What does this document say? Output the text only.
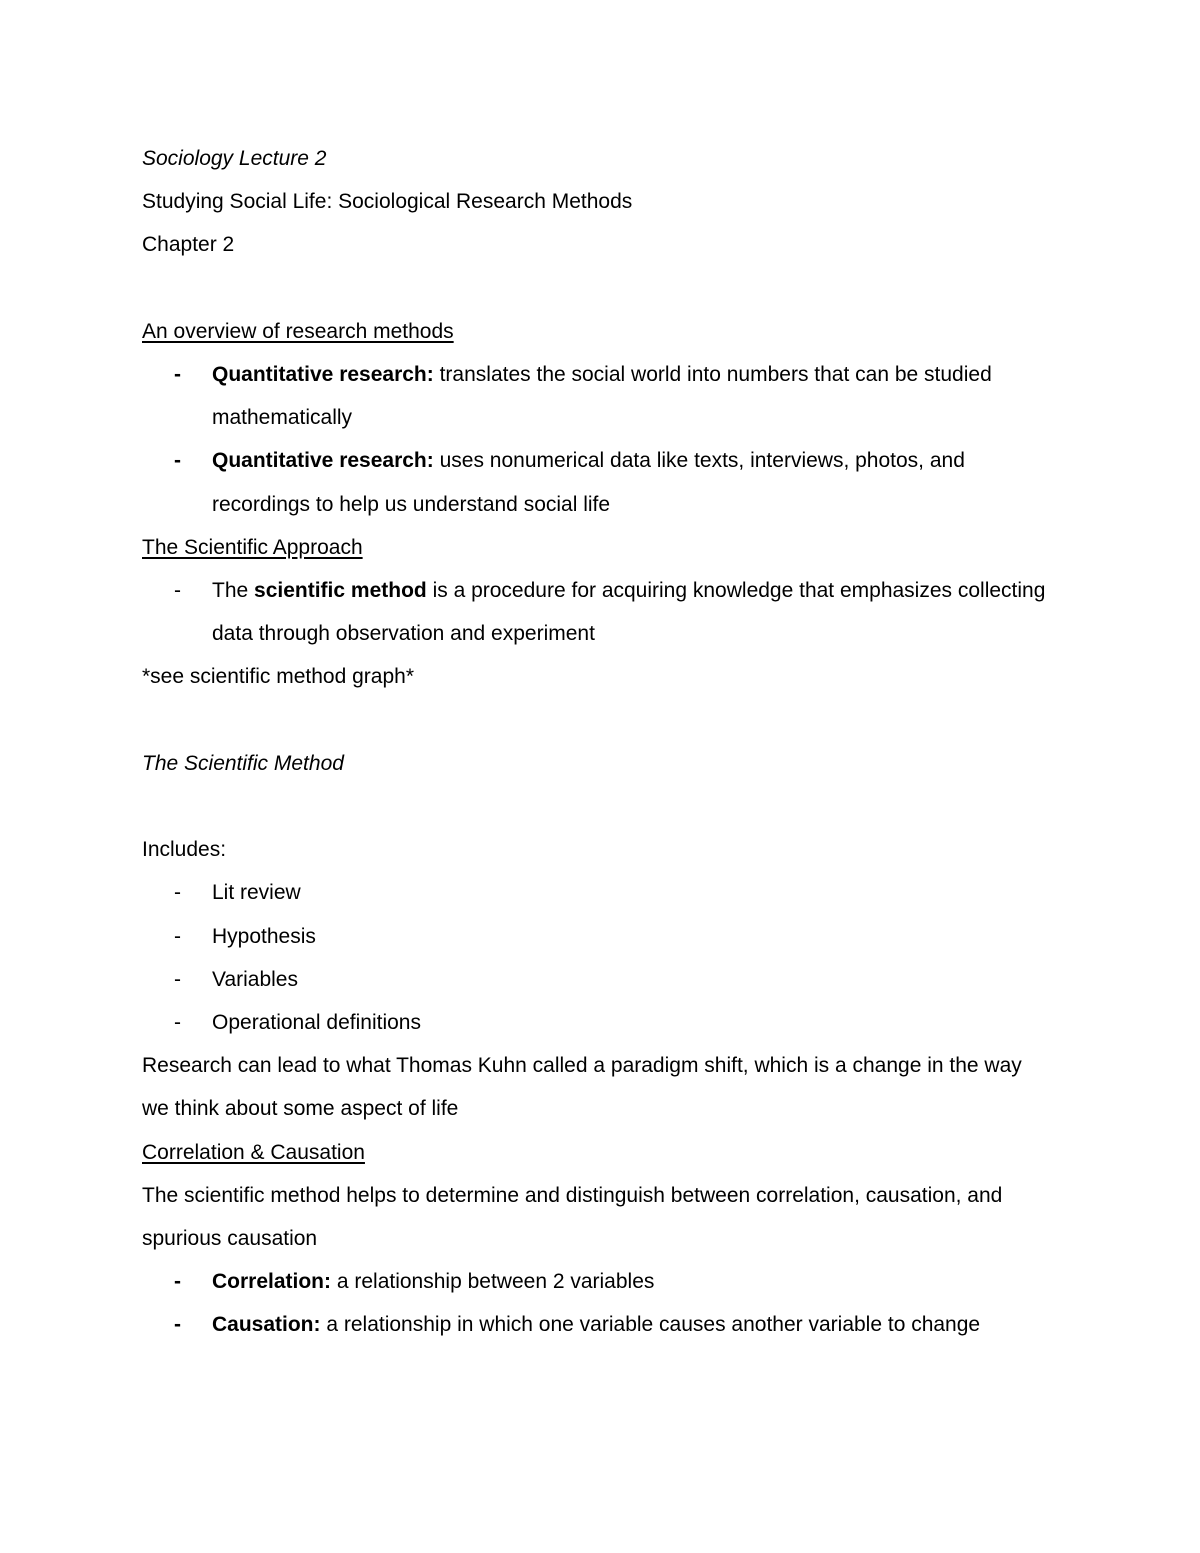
Sociology Lecture 2

Studying Social Life: Sociological Research Methods

Chapter 2

An overview of research methods

- Quantitative research: translates the social world into numbers that can be studied

mathematically

- Quantitative research: uses nonumerical data like texts, interviews, photos, and

recordings to help us understand social life

The Scientific Approach

- The scientific method is a procedure for acquiring knowledge that emphasizes collecting

data through observation and experiment

*see scientific method graph*

The Scientific Method

Includes:

- Lit review

- Hypothesis

- Variables

- Operational definitions

Research can lead to what Thomas Kuhn called a paradigm shift, which is a change in the way

we think about some aspect of life

Correlation & Causation

The scientific method helps to determine and distinguish between correlation, causation, and

spurious causation

- Correlation: a relationship between 2 variables

- Causation: a relationship in which one variable causes another variable to change
